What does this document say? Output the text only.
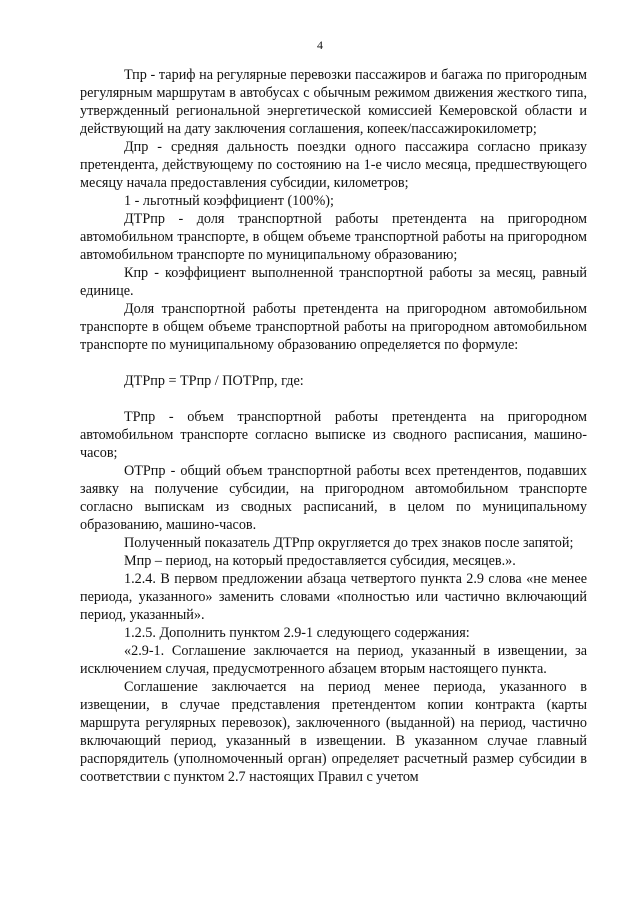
4

Тпр - тариф на регулярные перевозки пассажиров и багажа по пригородным регулярным маршрутам в автобусах с обычным режимом движения жесткого типа, утвержденный региональной энергетической комиссией Кемеровской области и действующий на дату заключения соглашения, копеек/пассажирокилометр;

Дпр - средняя дальность поездки одного пассажира согласно приказу претендента, действующему по состоянию на 1-е число месяца, предшествующего месяцу начала предоставления субсидии, километров;

1 - льготный коэффициент (100%);

ДТРпр - доля транспортной работы претендента на пригородном автомобильном транспорте, в общем объеме транспортной работы на пригородном автомобильном транспорте по муниципальному образованию;

Кпр - коэффициент выполненной транспортной работы за месяц, равный единице.

Доля транспортной работы претендента на пригородном автомобильном транспорте в общем объеме транспортной работы на пригородном автомобильном транспорте по муниципальному образованию определяется по формуле:

ДТРпр = ТРпр / ПОТРпр, где:

ТРпр - объем транспортной работы претендента на пригородном автомобильном транспорте согласно выписке из сводного расписания, машино-часов;

ОТРпр - общий объем транспортной работы всех претендентов, подавших заявку на получение субсидии, на пригородном автомобильном транспорте согласно выпискам из сводных расписаний, в целом по муниципальному образованию, машино-часов.

Полученный показатель ДТРпр округляется до трех знаков после запятой;

Мпр – период, на который предоставляется субсидия, месяцев.».

1.2.4. В первом предложении абзаца четвертого пункта 2.9 слова «не менее периода, указанного» заменить словами «полностью или частично включающий период, указанный».

1.2.5. Дополнить пунктом 2.9-1 следующего содержания:

«2.9-1. Соглашение заключается на период, указанный в извещении, за исключением случая, предусмотренного абзацем вторым настоящего пункта.

Соглашение заключается на период менее периода, указанного в извещении, в случае представления претендентом копии контракта (карты маршрута регулярных перевозок), заключенного (выданной) на период, частично включающий период, указанный в извещении. В указанном случае главный распорядитель (уполномоченный орган) определяет расчетный размер субсидии в соответствии с пунктом 2.7 настоящих Правил с учетом
